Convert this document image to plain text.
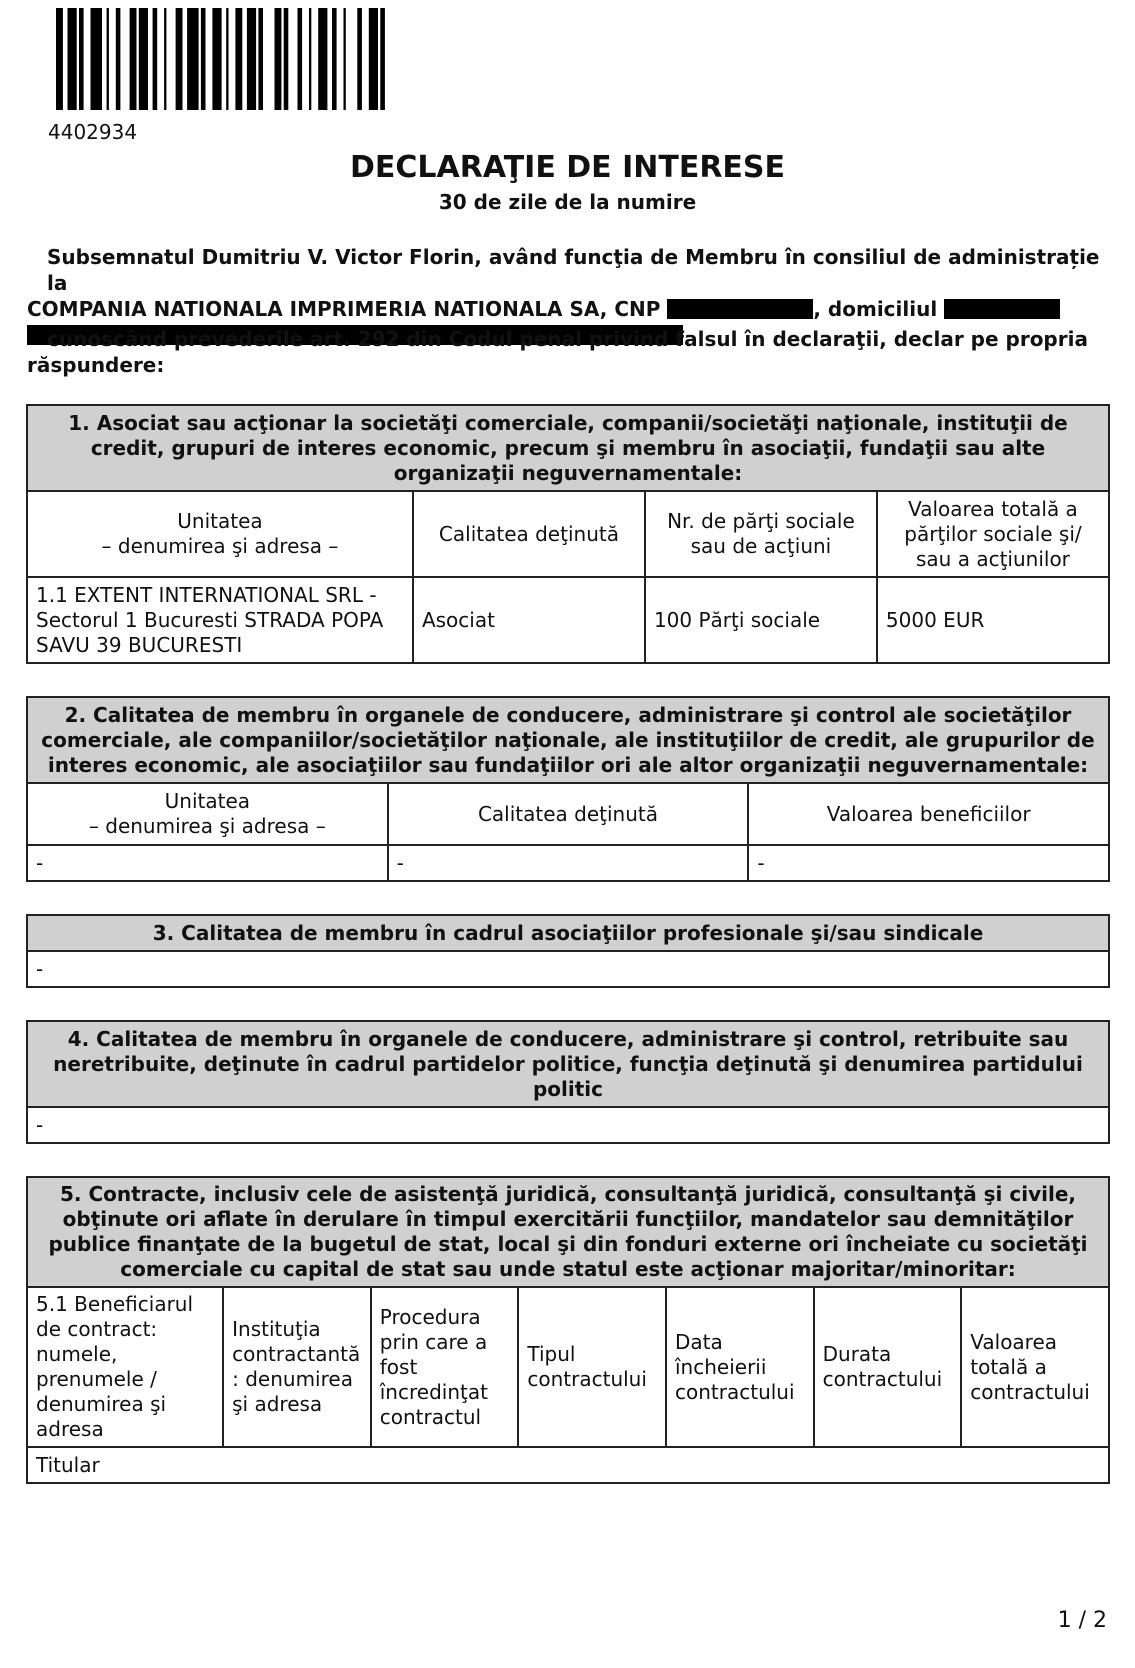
4402934
DECLARAŢIE DE INTERESE
30 de zile de la numire
Subsemnatul Dumitriu V. Victor Florin, având funcţia de Membru în consiliul de administrație la
COMPANIA NATIONALA IMPRIMERIA NATIONALA SA, CNP	, domiciliul
cunoscând prevederile art. 292 din Codul penal privind falsul în declaraţii, declar pe propria răspundere:
1. Asociat sau acţionar la societăţi comerciale, companii/societăţi naţionale, instituţii de credit, grupuri de interes economic, precum şi membru în asociaţii, fundaţii sau alte organizaţii neguvernamentale:			
Unitatea
– denumirea şi adresa –	Calitatea deţinută	Nr. de părţi sociale sau de acţiuni	Valoarea totală a părţilor sociale şi/ sau a acţiunilor
1.1 EXTENT INTERNATIONAL SRL - Sectorul 1 Bucuresti STRADA POPA SAVU 39 BUCURESTI	Asociat	100 Părţi sociale	5000 EUR
2. Calitatea de membru în organele de conducere, administrare şi control ale societăţilor comerciale, ale companiilor/societăţilor naţionale, ale instituţiilor de credit, ale grupurilor de interes economic, ale asociaţiilor sau fundaţiilor ori ale altor organizaţii neguvernamentale:		
Unitatea
– denumirea şi adresa –	Calitatea deţinută	Valoarea beneficiilor
-	-	-
3. Calitatea de membru în cadrul asociaţiilor profesionale şi/sau sindicale
-
4. Calitatea de membru în organele de conducere, administrare şi control, retribuite sau neretribuite, deţinute în cadrul partidelor politice, funcţia deţinută şi denumirea partidului politic
-
5. Contracte, inclusiv cele de asistenţă juridică, consultanţă juridică, consultanţă şi civile, obţinute ori aflate în derulare în timpul exercitării funcţiilor, mandatelor sau demnităţilor publice finanţate de la bugetul de stat, local şi din fonduri externe ori încheiate cu societăţi comerciale cu capital de stat sau unde statul este acţionar majoritar/minoritar:
5.1 Beneficiarul de contract: numele, prenumele / denumirea şi adresa	Instituţia contractantă : denumirea şi adresa	Procedura prin care a fost încredinţat contractul	Tipul contractului	Data încheierii contractului	Durata contractului	Valoarea totală a contractului
Titular
1 / 2
